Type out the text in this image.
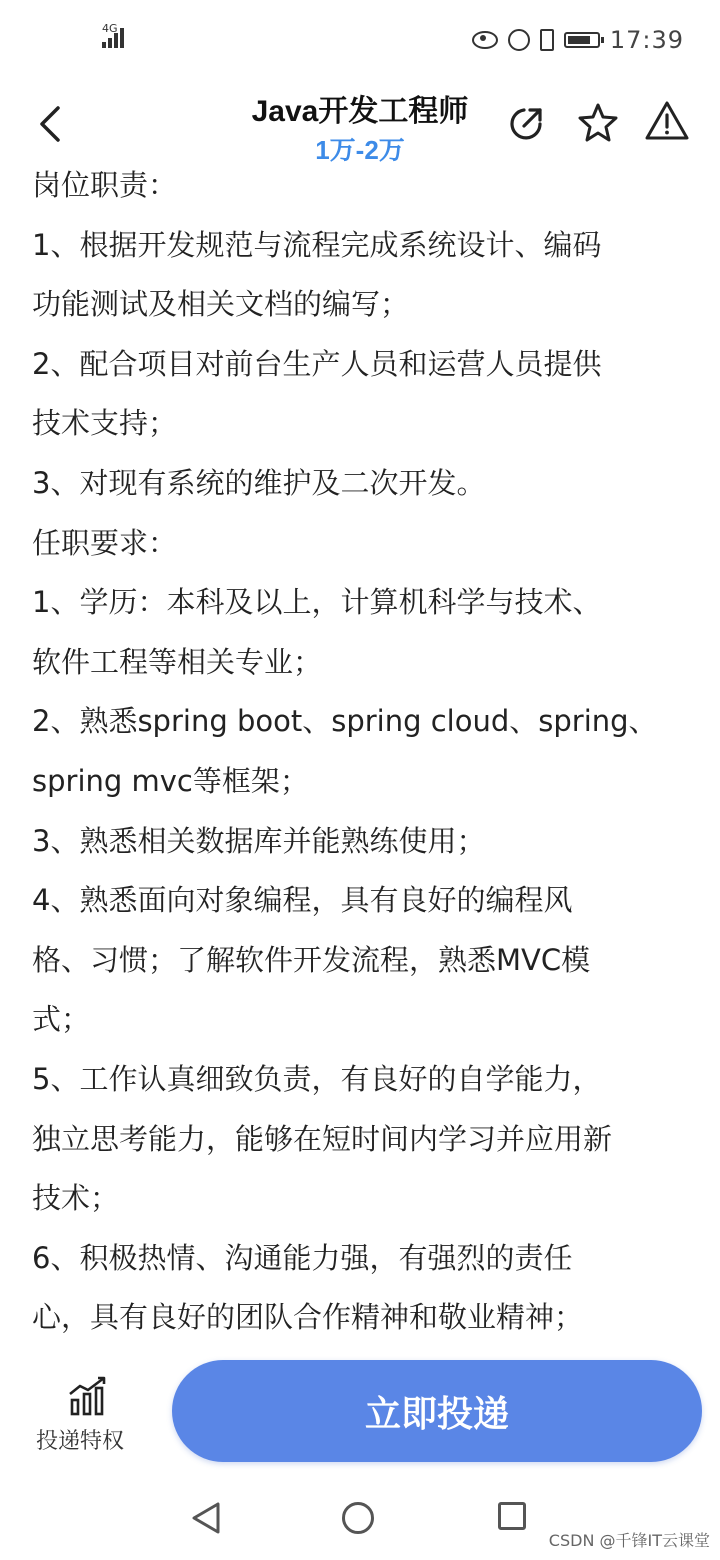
4G	17:39
Java开发工程师
1万-2万

岗位职责：

1、根据开发规范与流程完成系统设计、编码

功能测试及相关文档的编写；

2、配合项目对前台生产人员和运营人员提供

技术支持；

3、对现有系统的维护及二次开发。

任职要求：

1、学历：本科及以上，计算机科学与技术、

软件工程等相关专业；

2、熟悉spring boot、spring cloud、spring、

spring mvc等框架；

3、熟悉相关数据库并能熟练使用；

4、熟悉面向对象编程，具有良好的编程风

格、习惯；了解软件开发流程，熟悉MVC模

式；

5、工作认真细致负责，有良好的自学能力，

独立思考能力，能够在短时间内学习并应用新

技术；

6、积极热情、沟通能力强，有强烈的责任

心，具有良好的团队合作精神和敬业精神；

投递特权
立即投递
CSDN @千锋IT云课堂
